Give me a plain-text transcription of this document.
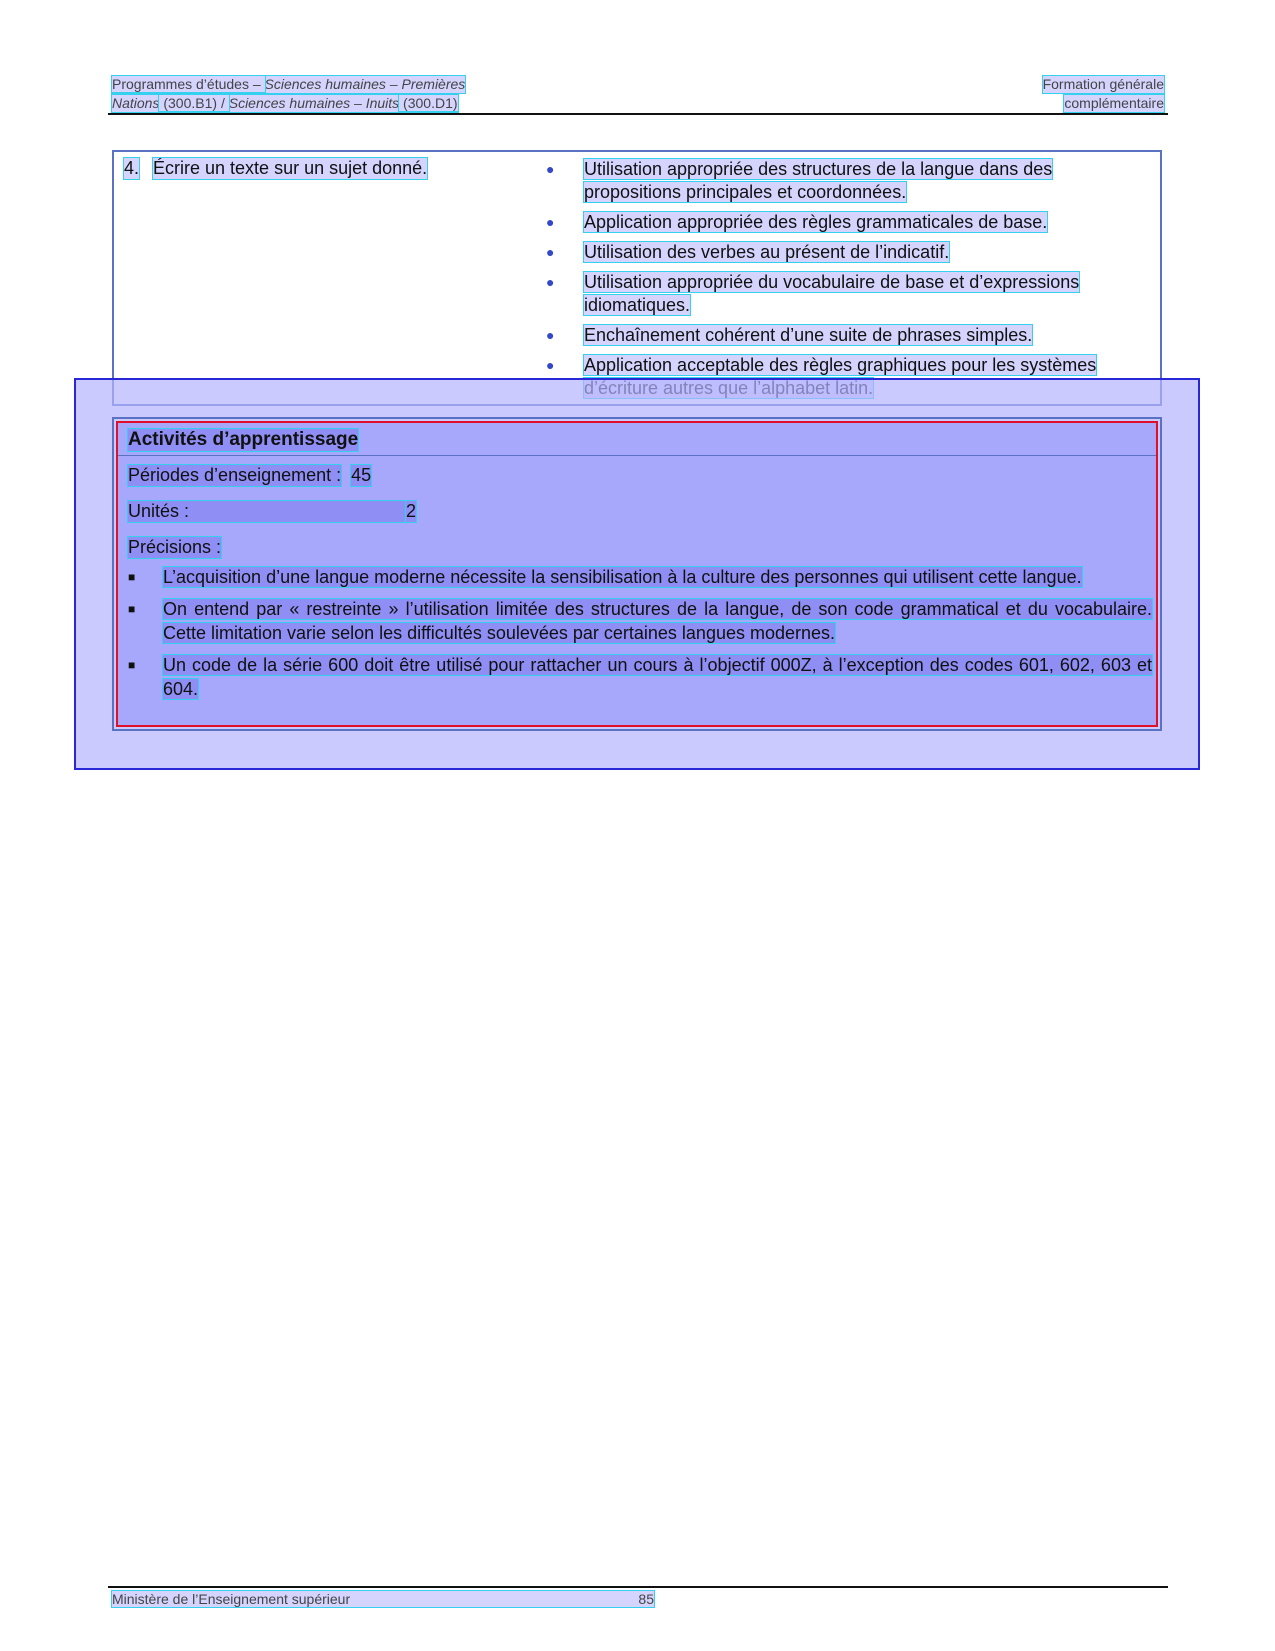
Programmes d’études – Sciences humaines – Premières	Formation générale
Nations (300.B1) / Sciences humaines – Inuits (300.D1)	complémentaire
4. Écrire un texte sur un sujet donné.	● Utilisation appropriée des structures de la langue dans des propositions principales et coordonnées.
● Application appropriée des règles grammaticales de base.
● Utilisation des verbes au présent de l’indicatif.
● Utilisation appropriée du vocabulaire de base et d’expressions idiomatiques.
● Enchaînement cohérent d’une suite de phrases simples.
● Application acceptable des règles graphiques pour les systèmes
Activités d’apprentissage
Périodes d’enseignement : 45
Unités :	2
Précisions :
■ L’acquisition d’une langue moderne nécessite la sensibilisation à la culture des personnes qui utilisent cette langue.
■ On entend par « restreinte » l’utilisation limitée des structures de la langue, de son code grammatical et du vocabulaire. Cette limitation varie selon les difficultés soulevées par certaines langues modernes.
■ Un code de la série 600 doit être utilisé pour rattacher un cours à l’objectif 000Z, à l’exception des codes 601, 602, 603 et 604.
Ministère de l’Enseignement supérieur	85
